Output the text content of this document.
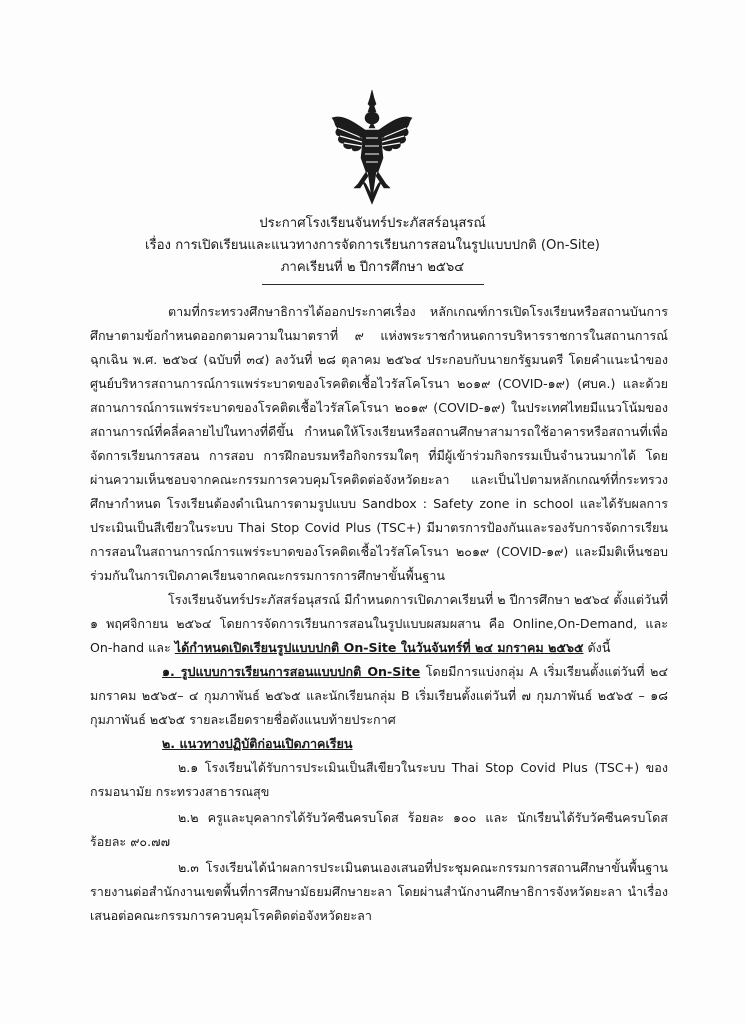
ประกาศโรงเรียนจันทร์ประภัสสร์อนุสรณ์
เรื่อง การเปิดเรียนและแนวทางการจัดการเรียนการสอนในรูปแบบปกติ (On-Site)
ภาคเรียนที่ ๒ ปีการศึกษา ๒๕๖๔

ตามที่กระทรวงศึกษาธิการได้ออกประกาศเรื่อง หลักเกณฑ์การเปิดโรงเรียนหรือสถานบันการศึกษาตามข้อกำหนดออกตามความในมาตราที่ ๙ แห่งพระราชกำหนดการบริหารราชการในสถานการณ์ฉุกเฉิน พ.ศ. ๒๕๖๔ (ฉบับที่ ๓๔) ลงวันที่ ๒๘ ตุลาคม ๒๕๖๔ ประกอบกับนายกรัฐมนตรี โดยคำแนะนำของศูนย์บริหารสถานการณ์การแพร่ระบาดของโรคติดเชื้อไวรัสโคโรนา ๒๐๑๙ (COVID-๑๙) (ศบค.) และด้วยสถานการณ์การแพร่ระบาดของโรคติดเชื้อไวรัสโคโรนา ๒๐๑๙ (COVID-๑๙) ในประเทศไทยมีแนวโน้มของสถานการณ์ที่คลี่คลายไปในทางที่ดีขึ้น กำหนดให้โรงเรียนหรือสถานศึกษาสามารถใช้อาคารหรือสถานที่เพื่อจัดการเรียนการสอน การสอบ การฝึกอบรมหรือกิจกรรมใดๆ ที่มีผู้เข้าร่วมกิจกรรมเป็นจำนวนมากได้ โดยผ่านความเห็นชอบจากคณะกรรมการควบคุมโรคติดต่อจังหวัดยะลา และเป็นไปตามหลักเกณฑ์ที่กระทรวงศึกษากำหนด โรงเรียนต้องดำเนินการตามรูปแบบ Sandbox : Safety zone in school และได้รับผลการประเมินเป็นสีเขียวในระบบ Thai Stop Covid Plus (TSC+) มีมาตรการป้องกันและรองรับการจัดการเรียนการสอนในสถานการณ์การแพร่ระบาดของโรคติดเชื้อไวรัสโคโรนา ๒๐๑๙ (COVID-๑๙) และมีมติเห็นชอบร่วมกันในการเปิดภาคเรียนจากคณะกรรมการการศึกษาขั้นพื้นฐาน

โรงเรียนจันทร์ประภัสสร์อนุสรณ์ มีกำหนดการเปิดภาคเรียนที่ ๒ ปีการศึกษา ๒๕๖๔ ตั้งแต่วันที่ ๑ พฤศจิกายน ๒๕๖๔ โดยการจัดการเรียนการสอนในรูปแบบผสมผสาน คือ Online,On-Demand, และ On-hand และ ได้กำหนดเปิดเรียนรูปแบบปกติ On-Site ในวันจันทร์ที่ ๒๔ มกราคม ๒๕๖๕ ดังนี้

๑. รูปแบบการเรียนการสอนแบบปกติ On-Site โดยมีการแบ่งกลุ่ม A เริ่มเรียนตั้งแต่วันที่ ๒๔ มกราคม ๒๕๖๕– ๔ กุมภาพันธ์ ๒๕๖๕ และนักเรียนกลุ่ม B เริ่มเรียนตั้งแต่วันที่ ๗ กุมภาพันธ์ ๒๕๖๕ – ๑๘ กุมภาพันธ์ ๒๕๖๕ รายละเอียดรายชื่อดังแนบท้ายประกาศ

๒. แนวทางปฏิบัติก่อนเปิดภาคเรียน

๒.๑ โรงเรียนได้รับการประเมินเป็นสีเขียวในระบบ Thai Stop Covid Plus (TSC+) ของกรมอนามัย กระทรวงสาธารณสุข

๒.๒ ครูและบุคลากรได้รับวัคซีนครบโดส ร้อยละ ๑๐๐ และ นักเรียนได้รับวัคซีนครบโดส ร้อยละ ๙๐.๗๗

๒.๓ โรงเรียนได้นำผลการประเมินตนเองเสนอที่ประชุมคณะกรรมการสถานศึกษาขั้นพื้นฐาน รายงานต่อสำนักงานเขตพื้นที่การศึกษามัธยมศึกษายะลา โดยผ่านสำนักงานศึกษาธิการจังหวัดยะลา นำเรื่องเสนอต่อคณะกรรมการควบคุมโรคติดต่อจังหวัดยะลา
